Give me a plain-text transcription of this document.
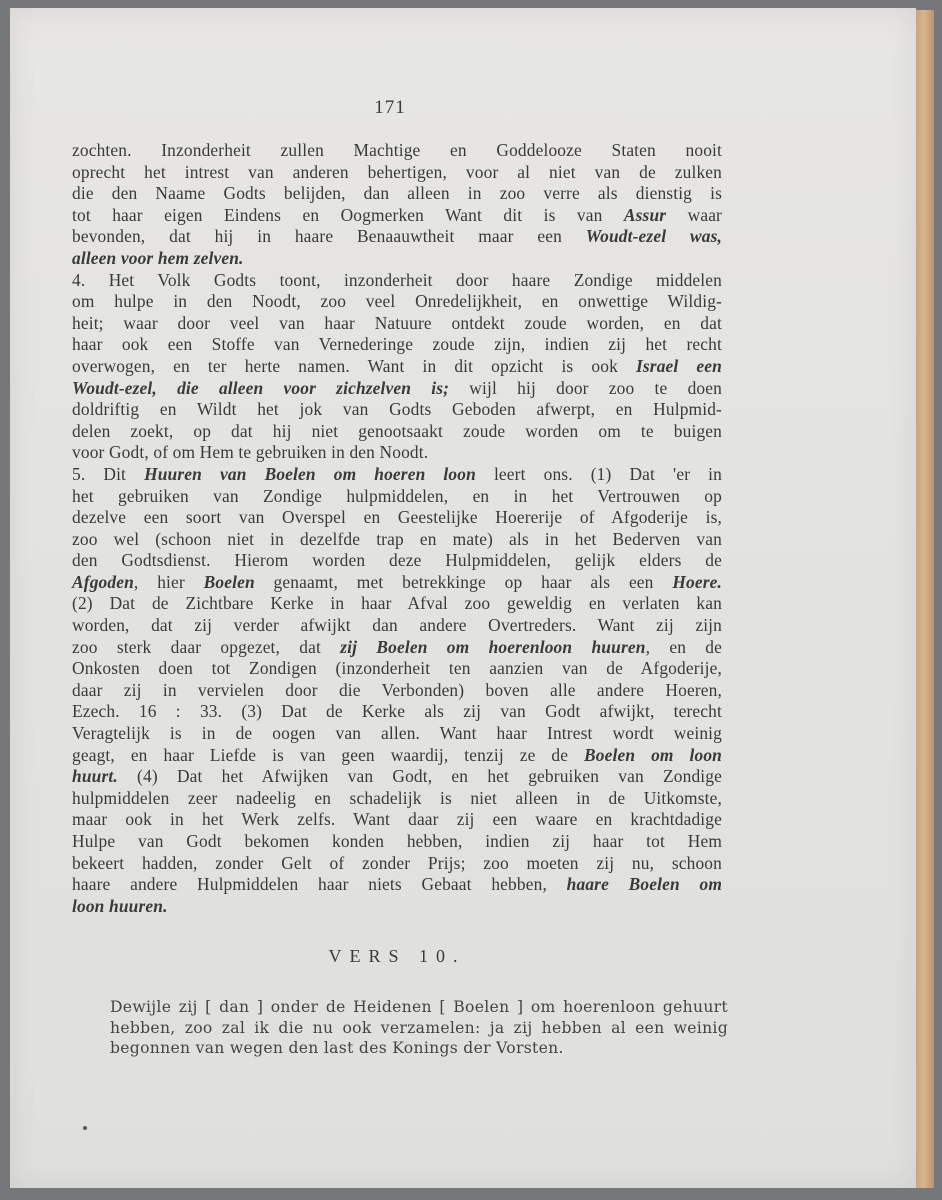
171
zochten. Inzonderheit zullen Machtige en Goddelooze Staten nooit
oprecht het intrest van anderen behertigen, voor al niet van de zulken
die den Naame Godts belijden, dan alleen in zoo verre als dienstig is
tot haar eigen Eindens en Oogmerken Want dit is van Assur waar
bevonden, dat hij in haare Benaauwtheit maar een Woudt-ezel was,
alleen voor hem zelven.
4. Het Volk Godts toont, inzonderheit door haare Zondige middelen
om hulpe in den Noodt, zoo veel Onredelijkheit, en onwettige Wildig-
heit; waar door veel van haar Natuure ontdekt zoude worden, en dat
haar ook een Stoffe van Vernederinge zoude zijn, indien zij het recht
overwogen, en ter herte namen. Want in dit opzicht is ook Israel een
Woudt-ezel, die alleen voor zichzelven is; wijl hij door zoo te doen
doldriftig en Wildt het jok van Godts Geboden afwerpt, en Hulpmid-
delen zoekt, op dat hij niet genootsaakt zoude worden om te buigen
voor Godt, of om Hem te gebruiken in den Noodt.
5. Dit Huuren van Boelen om hoeren loon leert ons. (1) Dat 'er in
het gebruiken van Zondige hulpmiddelen, en in het Vertrouwen op
dezelve een soort van Overspel en Geestelijke Hoererije of Afgoderije is,
zoo wel (schoon niet in dezelfde trap en mate) als in het Bederven van
den Godtsdienst. Hierom worden deze Hulpmiddelen, gelijk elders de
Afgoden, hier Boelen genaamt, met betrekkinge op haar als een Hoere.
(2) Dat de Zichtbare Kerke in haar Afval zoo geweldig en verlaten kan
worden, dat zij verder afwijkt dan andere Overtreders. Want zij zijn
zoo sterk daar opgezet, dat zij Boelen om hoerenloon huuren, en de
Onkosten doen tot Zondigen (inzonderheit ten aanzien van de Afgoderije,
daar zij in vervielen door die Verbonden) boven alle andere Hoeren,
Ezech. 16 : 33. (3) Dat de Kerke als zij van Godt afwijkt, terecht
Veragtelijk is in de oogen van allen. Want haar Intrest wordt weinig
geagt, en haar Liefde is van geen waardij, tenzij ze de Boelen om loon
huurt. (4) Dat het Afwijken van Godt, en het gebruiken van Zondige
hulpmiddelen zeer nadeelig en schadelijk is niet alleen in de Uitkomste,
maar ook in het Werk zelfs. Want daar zij een waare en krachtdadige
Hulpe van Godt bekomen konden hebben, indien zij haar tot Hem
bekeert hadden, zonder Gelt of zonder Prijs; zoo moeten zij nu, schoon
haare andere Hulpmiddelen haar niets Gebaat hebben, haare Boelen om
loon huuren.
VERS 10.
Dewijle zij [ dan ] onder de Heidenen [ Boelen ] om hoerenloon gehuurt
hebben, zoo zal ik die nu ook verzamelen: ja zij hebben al een weinig
begonnen van wegen den last des Konings der Vorsten.
